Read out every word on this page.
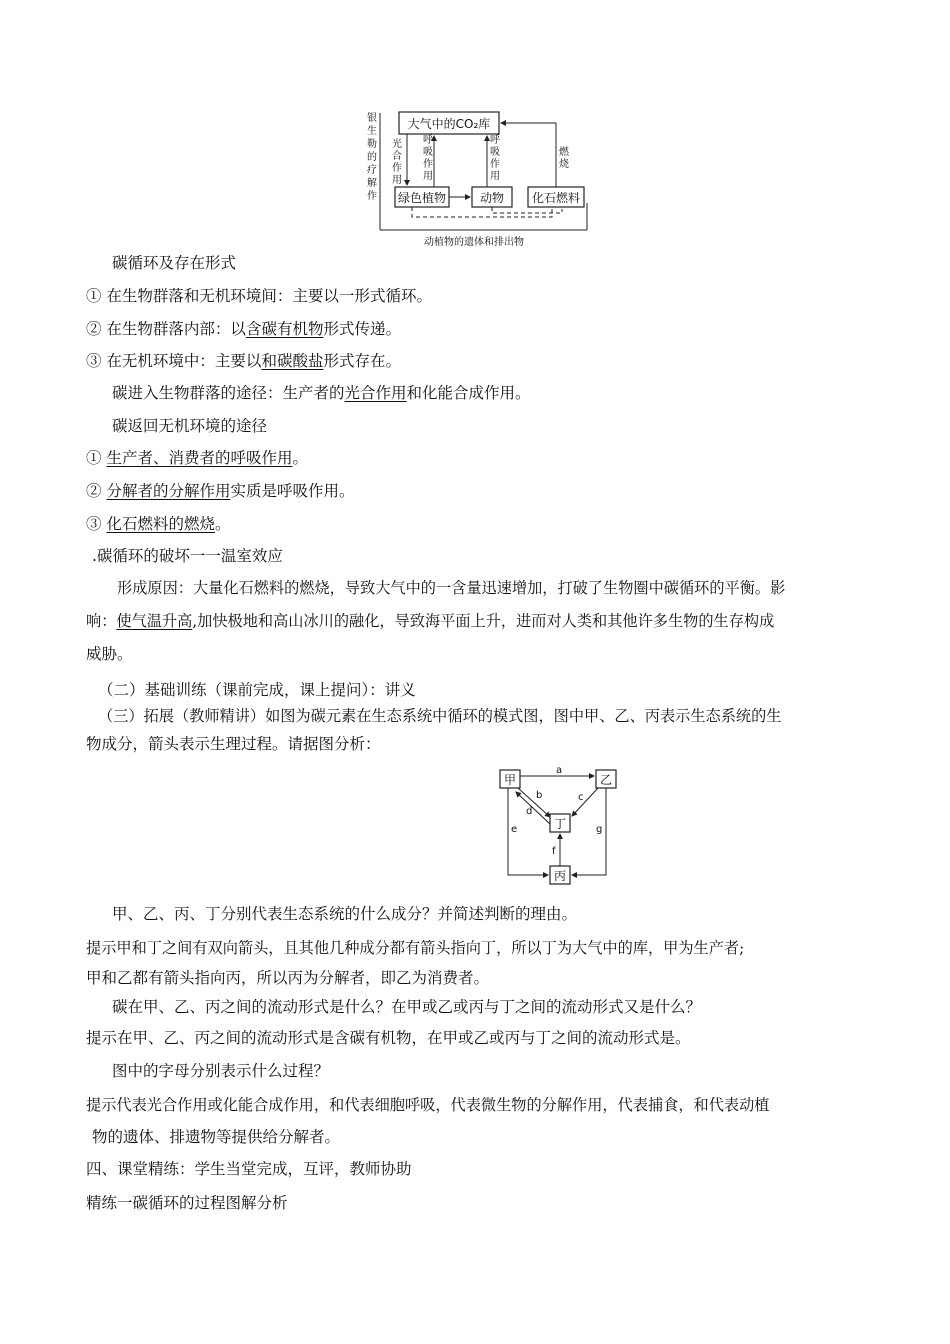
大气中的CO₂库
绿色植物	动物 化石燃料
银生勒的疗解作
光合作用
呼吸作用
呼吸作用
燃烧
动植物的遗体和排出物
碳循环及存在形式
① 在生物群落和无机环境间：主要以一形式循环。
② 在生物群落内部：以含碳有机物形式传递。
③ 在无机环境中：主要以和碳酸盐形式存在。
碳进入生物群落的途径：生产者的光合作用和化能合成作用。
碳返回无机环境的途径
① 生产者、消费者的呼吸作用。
② 分解者的分解作用实质是呼吸作用。
③ 化石燃料的燃烧。
.碳循环的破坏一一温室效应
形成原因：大量化石燃料的燃烧，导致大气中的一含量迅速增加，打破了生物圈中碳循环的平衡。影
响：使气温升高,加快极地和高山冰川的融化，导致海平面上升，进而对人类和其他许多生物的生存构成
威胁。
（二）基础训练（课前完成，课上提问）：讲义
（三）拓展（教师精讲）如图为碳元素在生态系统中循环的模式图，图中甲、乙、丙表示生态系统的生
物成分，箭头表示生理过程。请据图分析：
甲	乙
丁
丙
a
c
b
d
e	g
f
甲、乙、丙、丁分别代表生态系统的什么成分？并简述判断的理由。
提示甲和丁之间有双向箭头，且其他几种成分都有箭头指向丁，所以丁为大气中的库，甲为生产者;
甲和乙都有箭头指向丙，所以丙为分解者，即乙为消费者。
碳在甲、乙、丙之间的流动形式是什么？在甲或乙或丙与丁之间的流动形式又是什么？
提示在甲、乙、丙之间的流动形式是含碳有机物，在甲或乙或丙与丁之间的流动形式是。
图中的字母分别表示什么过程？
提示代表光合作用或化能合成作用，和代表细胞呼吸，代表微生物的分解作用，代表捕食，和代表动植
物的遗体、排遗物等提供给分解者。
四、课堂精练：学生当堂完成，互评，教师协助
精练一碳循环的过程图解分析
